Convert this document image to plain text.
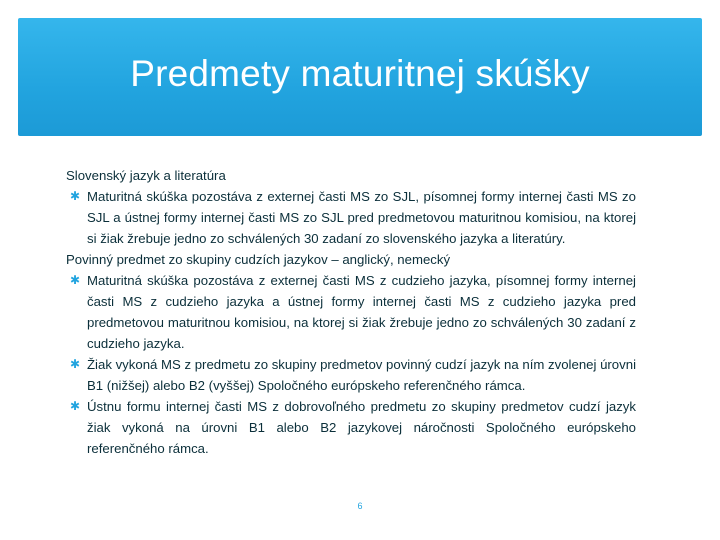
Predmety maturitnej skúšky

Slovenský jazyk a literatúra

✱ Maturitná skúška pozostáva z externej časti MS zo SJL, písomnej formy internej časti MS zo SJL a ústnej formy internej časti MS zo SJL pred predmetovou maturitnou komisiou, na ktorej si žiak žrebuje jedno zo schválených 30 zadaní zo slovenského jazyka a literatúry.

Povinný predmet zo skupiny cudzích jazykov – anglický, nemecký

✱ Maturitná skúška pozostáva z externej časti MS z cudzieho jazyka, písomnej formy internej časti MS z cudzieho jazyka a ústnej formy internej časti MS z cudzieho jazyka pred predmetovou maturitnou komisiou, na ktorej si žiak žrebuje jedno zo schválených 30 zadaní z cudzieho jazyka.
✱ Žiak vykoná MS z predmetu zo skupiny predmetov povinný cudzí jazyk na ním zvolenej úrovni B1 (nižšej) alebo B2 (vyššej) Spoločného európskeho referenčného rámca.
✱ Ústnu formu internej časti MS z dobrovoľného predmetu zo skupiny predmetov cudzí jazyk žiak vykoná na úrovni B1 alebo B2 jazykovej náročnosti Spoločného európskeho referenčného rámca.
6
